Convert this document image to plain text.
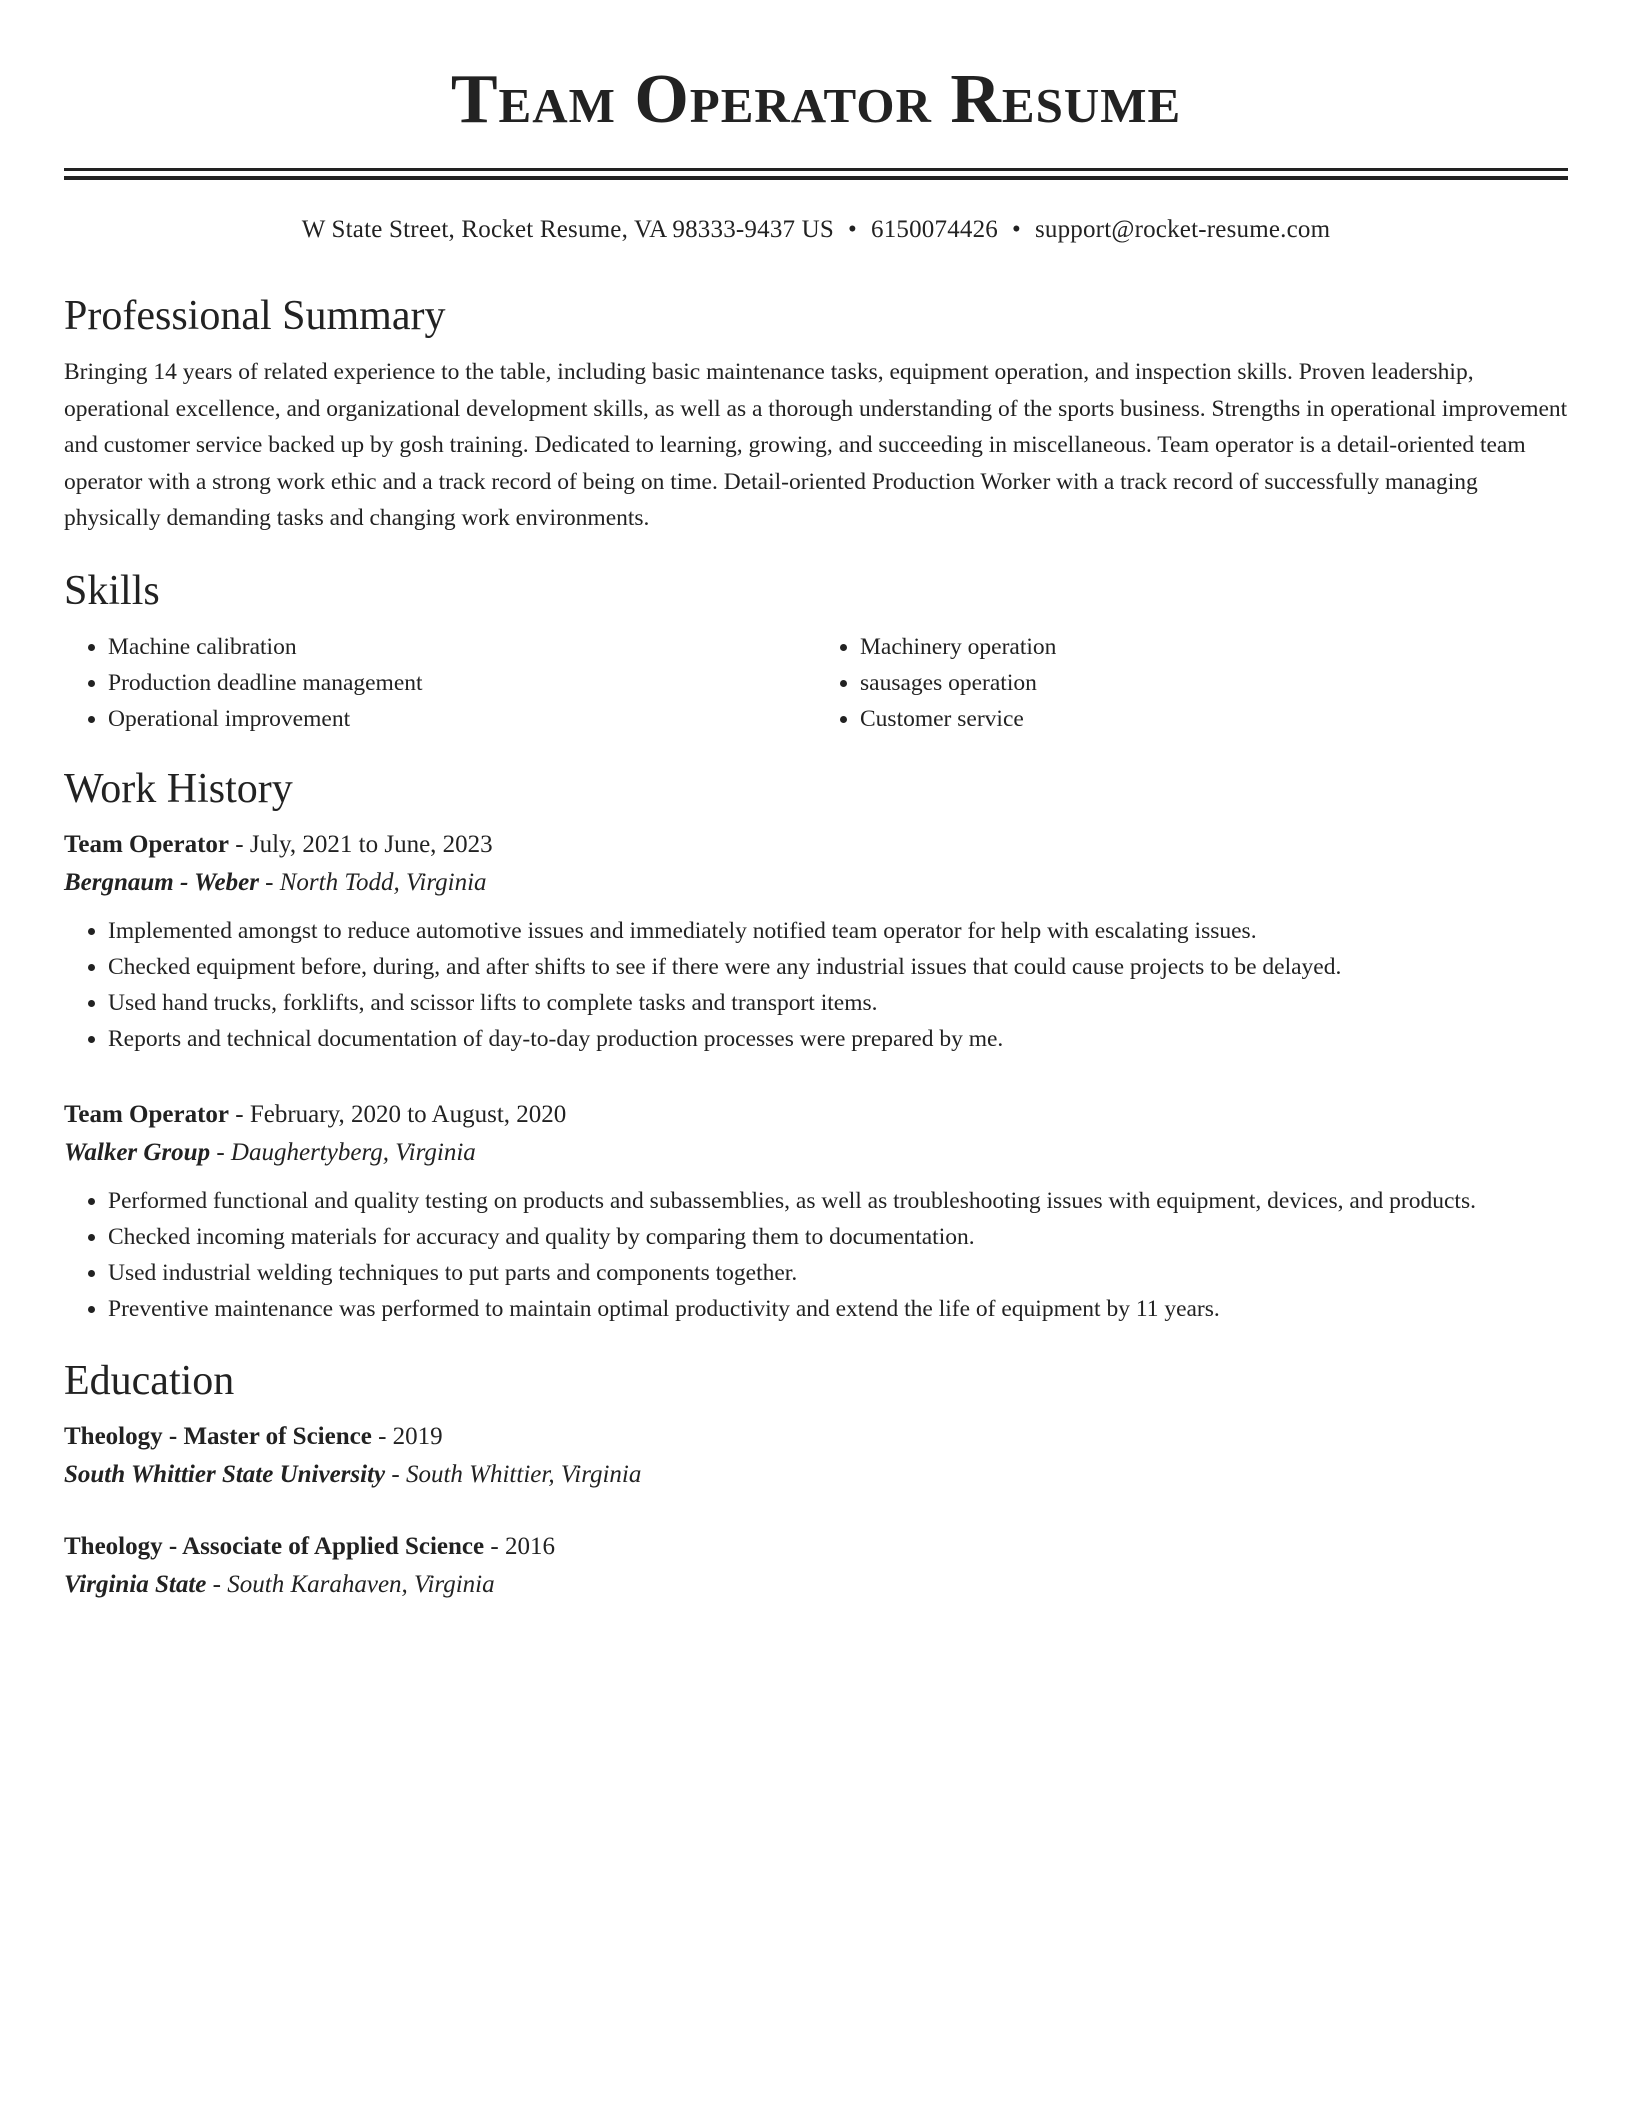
Team Operator Resume
W State Street, Rocket Resume, VA 98333-9437 US • 6150074426 • support@rocket-resume.com
Professional Summary

Bringing 14 years of related experience to the table, including basic maintenance tasks, equipment operation, and inspection skills. Proven leadership, operational excellence, and organizational development skills, as well as a thorough understanding of the sports business. Strengths in operational improvement and customer service backed up by gosh training. Dedicated to learning, growing, and succeeding in miscellaneous. Team operator is a detail-oriented team operator with a strong work ethic and a track record of being on time. Detail-oriented Production Worker with a track record of successfully managing physically demanding tasks and changing work environments.

Skills
• Machine calibration
• Production deadline management
• Operational improvement
• Machinery operation
• sausages operation
• Customer service
Work History
Team Operator - July, 2021 to June, 2023
Bergnaum - Weber - North Todd, Virginia
• Implemented amongst to reduce automotive issues and immediately notified team operator for help with escalating issues.
• Checked equipment before, during, and after shifts to see if there were any industrial issues that could cause projects to be delayed.
• Used hand trucks, forklifts, and scissor lifts to complete tasks and transport items.
• Reports and technical documentation of day-to-day production processes were prepared by me.
Team Operator - February, 2020 to August, 2020
Walker Group - Daughertyberg, Virginia
• Performed functional and quality testing on products and subassemblies, as well as troubleshooting issues with equipment, devices, and products.
• Checked incoming materials for accuracy and quality by comparing them to documentation.
• Used industrial welding techniques to put parts and components together.
• Preventive maintenance was performed to maintain optimal productivity and extend the life of equipment by 11 years.
Education
Theology - Master of Science - 2019
South Whittier State University - South Whittier, Virginia
Theology - Associate of Applied Science - 2016
Virginia State - South Karahaven, Virginia
